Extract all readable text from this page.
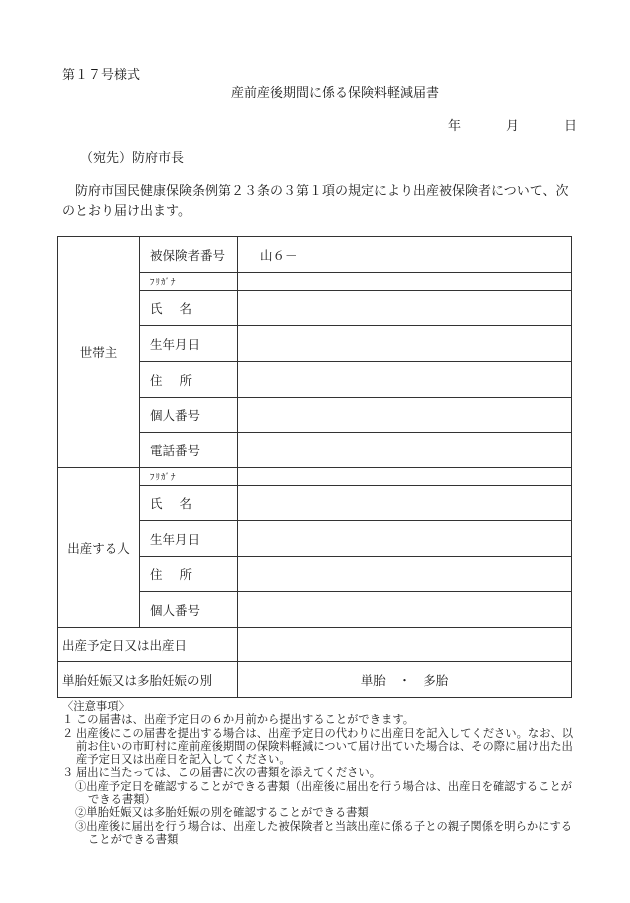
第１７号様式
産前産後期間に係る保険料軽減届書
年	月	日
（宛先）防府市長
防府市国民健康保険条例第２３条の３第１項の規定により出産被保険者について、次のとおり届け出ます。
世帯主	被保険者番号	山６－
	ﾌﾘｶﾞﾅ	
	氏名	
	生年月日	
	住所	
	個人番号	
	電話番号	
出産する人	ﾌﾘｶﾞﾅ	
	氏名	
	生年月日	
	住所	
	個人番号	
出産予定日又は出産日		
単胎妊娠又は多胎妊娠の別		単胎　・　多胎
〈注意事項〉
１ この届書は、出産予定日の６か月前から提出することができます。
２ 出産後にこの届書を提出する場合は、出産予定日の代わりに出産日を記入してください。なお、以前お住いの市町村に産前産後期間の保険料軽減について届け出ていた場合は、その際に届け出た出産予定日又は出産日を記入してください。
３ 届出に当たっては、この届書に次の書類を添えてください。
①出産予定日を確認することができる書類（出産後に届出を行う場合は、出産日を確認することができる書類）
②単胎妊娠又は多胎妊娠の別を確認することができる書類
③出産後に届出を行う場合は、出産した被保険者と当該出産に係る子との親子関係を明らかにすることができる書類
